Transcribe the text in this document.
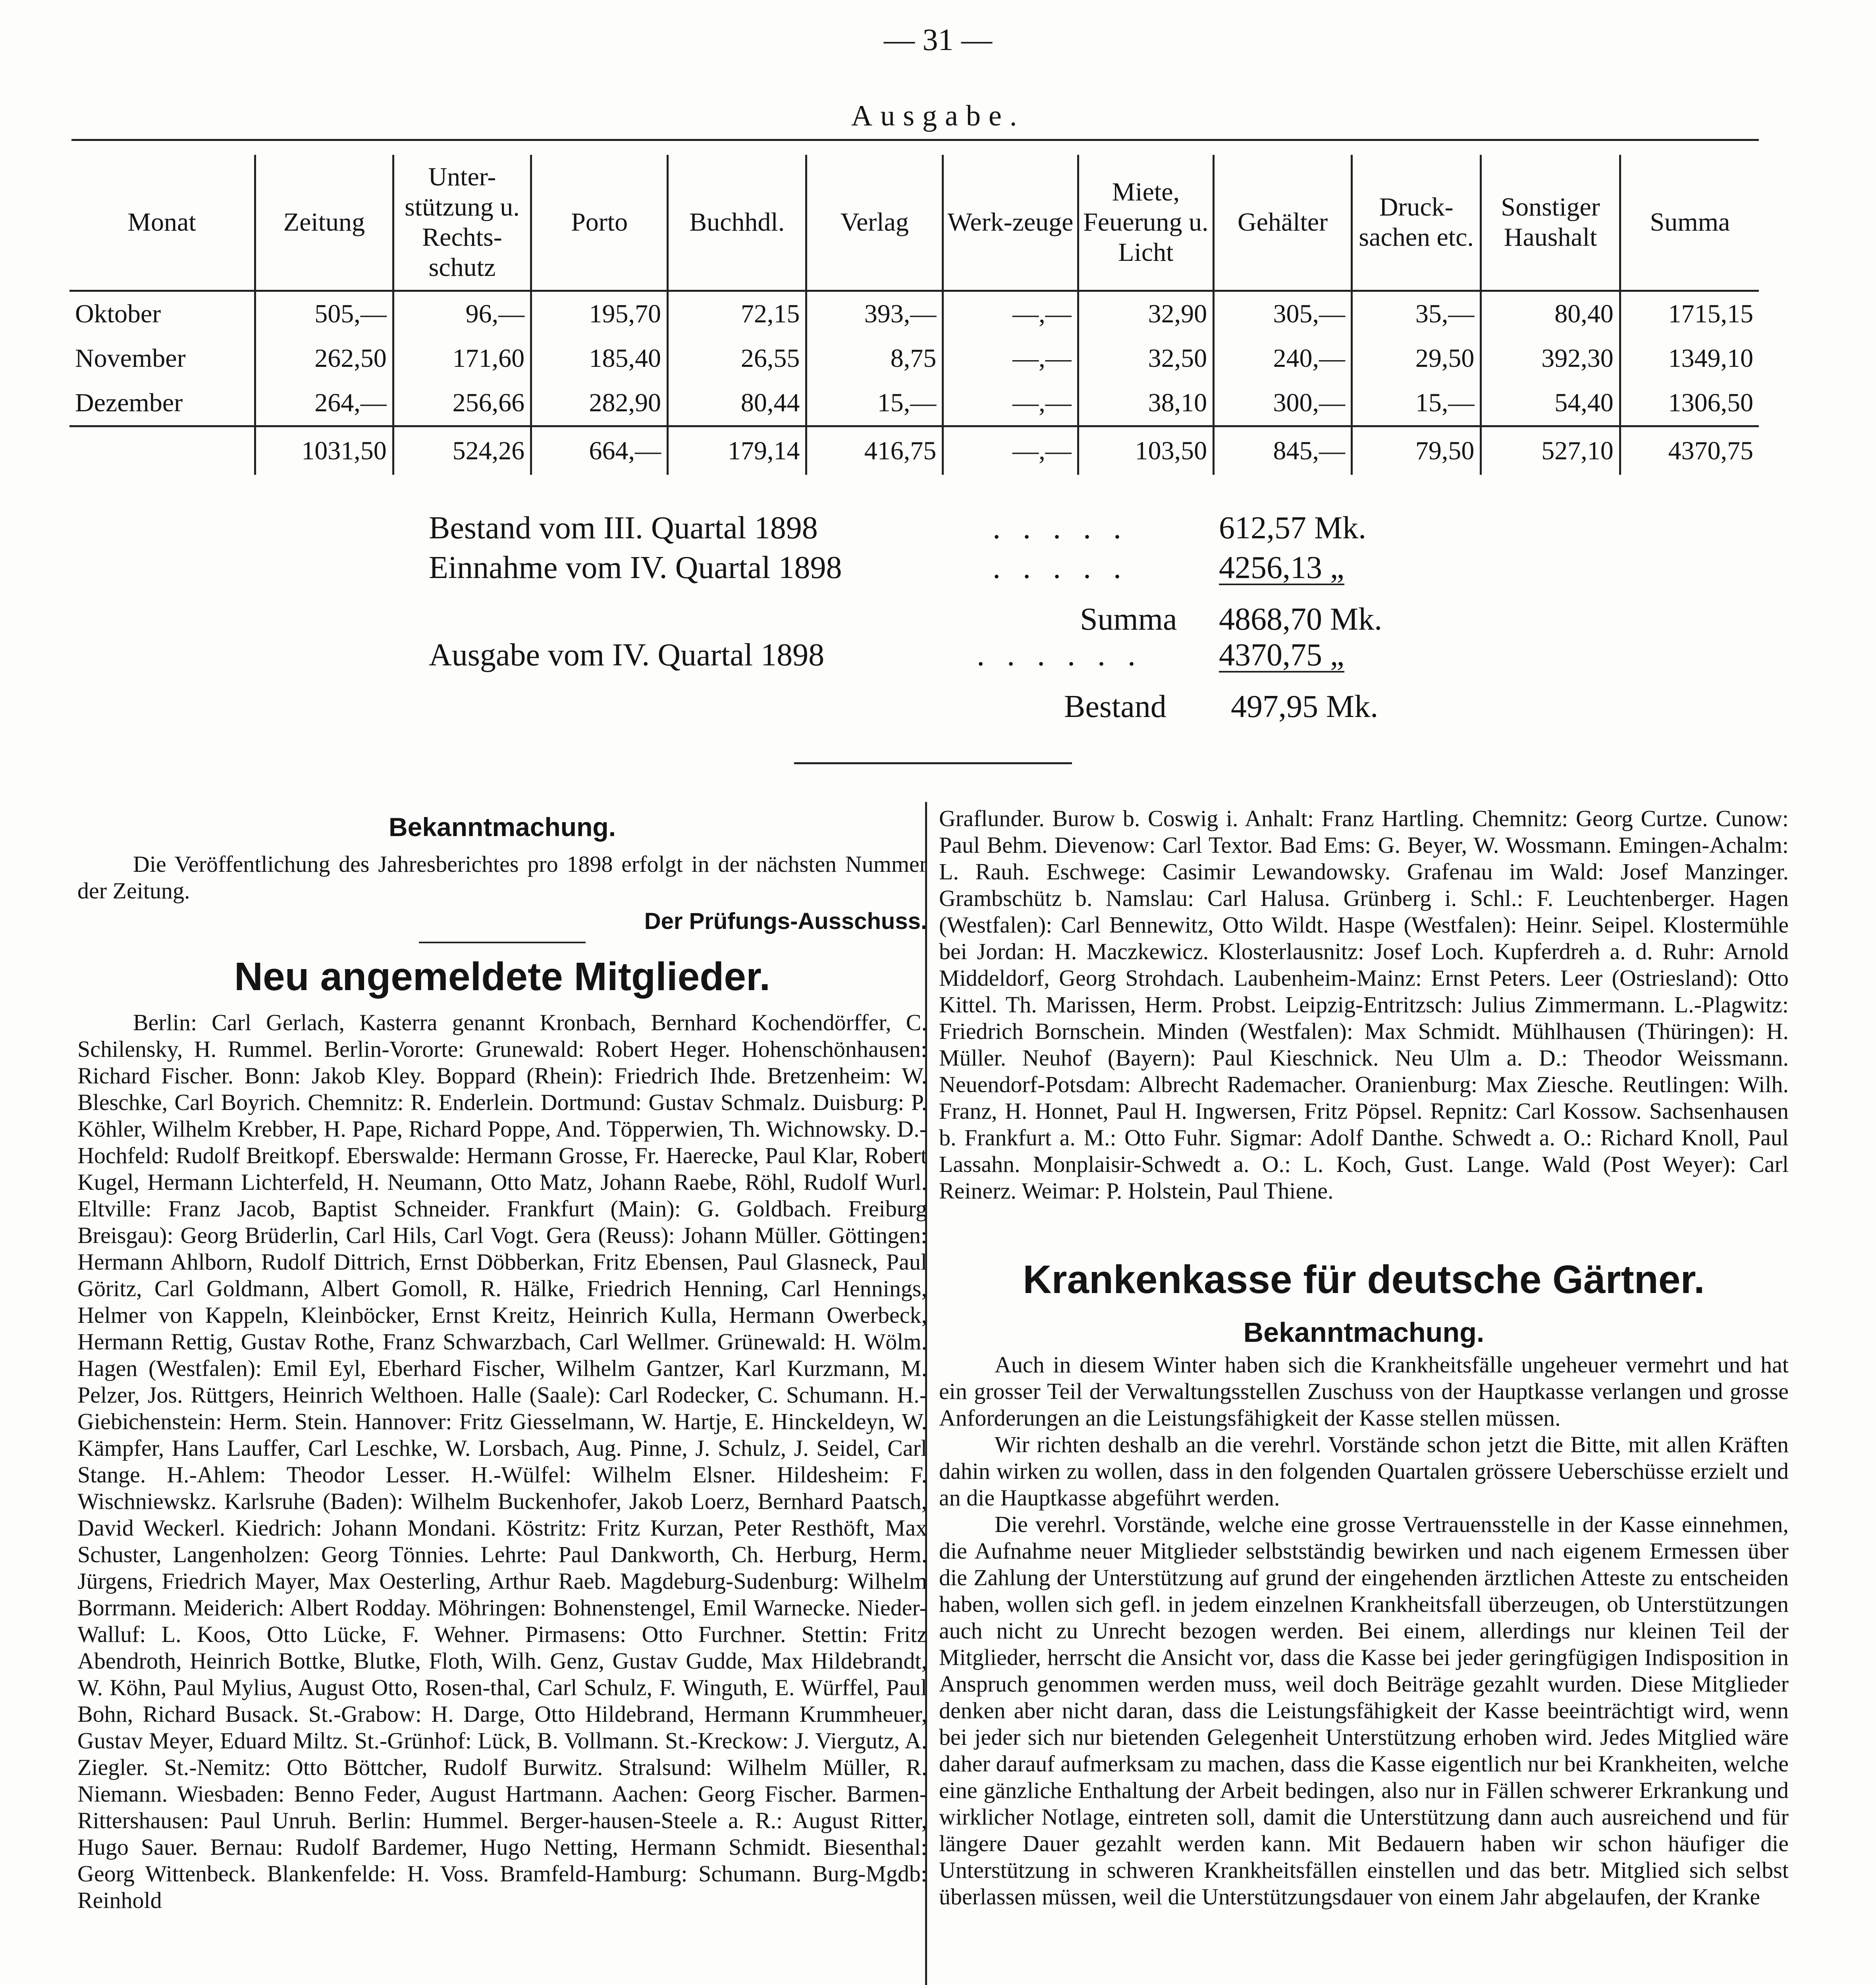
— 31 —
Ausgabe.
Monat	Zeitung	Unter-stützung u. Rechts-schutz	Porto	Buchhdl.	Verlag	Werk-zeuge	Miete, Feuerung u. Licht	Gehälter	Druck-sachen etc.	Sonstiger Haushalt	Summa
Oktober	505,—	96,—	195,70	72,15	393,—	—,—	32,90	305,—	35,—	80,40	1715,15
November	262,50	171,60	185,40	26,55	8,75	—,—	32,50	240,—	29,50	392,30	1349,10
Dezember	264,—	256,66	282,90	80,44	15,—	—,—	38,10	300,—	15,—	54,40	1306,50
	1031,50	524,26	664,—	179,14	416,75	—,—	103,50	845,—	79,50	527,10	4370,75
Bestand vom III. Quartal 1898	. . . . .	612,57 Mk.
Einnahme vom IV. Quartal 1898	. . . . .	4256,13 „
Summa 4868,70 Mk.
Ausgabe vom IV. Quartal 1898	. . . . . . 4370,75 „
Bestand 497,95 Mk.

Bekanntmachung.

Die Veröffentlichung des Jahresberichtes pro 1898 erfolgt in der nächsten Nummer der Zeitung.

Der Prüfungs-Ausschuss.

Neu angemeldete Mitglieder.

Berlin: Carl Gerlach, Kasterra genannt Kronbach, Bernhard Kochendörffer, C. Schilensky, H. Rummel. Berlin-Vororte: Grunewald: Robert Heger. Hohenschönhausen: Richard Fischer. Bonn: Jakob Kley. Boppard (Rhein): Friedrich Ihde. Bretzenheim: W. Bleschke, Carl Boyrich. Chemnitz: R. Enderlein. Dortmund: Gustav Schmalz. Duisburg: P. Köhler, Wilhelm Krebber, H. Pape, Richard Poppe, And. Töpperwien, Th. Wichnowsky. D.-Hochfeld: Rudolf Breitkopf. Eberswalde: Hermann Grosse, Fr. Haerecke, Paul Klar, Robert Kugel, Hermann Lichterfeld, H. Neumann, Otto Matz, Johann Raebe, Röhl, Rudolf Wurl. Eltville: Franz Jacob, Baptist Schneider. Frankfurt (Main): G. Goldbach. Freiburg Breisgau): Georg Brüderlin, Carl Hils, Carl Vogt. Gera (Reuss): Johann Müller. Göttingen: Hermann Ahlborn, Rudolf Dittrich, Ernst Döbberkan, Fritz Ebensen, Paul Glasneck, Paul Göritz, Carl Goldmann, Albert Gomoll, R. Hälke, Friedrich Henning, Carl Hennings, Helmer von Kappeln, Kleinböcker, Ernst Kreitz, Heinrich Kulla, Hermann Owerbeck, Hermann Rettig, Gustav Rothe, Franz Schwarzbach, Carl Wellmer. Grünewald: H. Wölm. Hagen (Westfalen): Emil Eyl, Eberhard Fischer, Wilhelm Gantzer, Karl Kurzmann, M. Pelzer, Jos. Rüttgers, Heinrich Welthoen. Halle (Saale): Carl Rodecker, C. Schumann. H.-Giebichenstein: Herm. Stein. Hannover: Fritz Giesselmann, W. Hartje, E. Hinckeldeyn, W. Kämpfer, Hans Lauffer, Carl Leschke, W. Lorsbach, Aug. Pinne, J. Schulz, J. Seidel, Carl Stange. H.-Ahlem: Theodor Lesser. H.-Wülfel: Wilhelm Elsner. Hildesheim: F. Wischniewskz. Karlsruhe (Baden): Wilhelm Buckenhofer, Jakob Loerz, Bernhard Paatsch, David Weckerl. Kiedrich: Johann Mondani. Köstritz: Fritz Kurzan, Peter Resthöft, Max Schuster, Langenholzen: Georg Tönnies. Lehrte: Paul Dankworth, Ch. Herburg, Herm. Jürgens, Friedrich Mayer, Max Oesterling, Arthur Raeb. Magdeburg-Sudenburg: Wilhelm Borrmann. Meiderich: Albert Rodday. Möhringen: Bohnenstengel, Emil Warnecke. Nieder-Walluf: L. Koos, Otto Lücke, F. Wehner. Pirmasens: Otto Furchner. Stettin: Fritz Abendroth, Heinrich Bottke, Blutke, Floth, Wilh. Genz, Gustav Gudde, Max Hildebrandt, W. Köhn, Paul Mylius, August Otto, Rosen-thal, Carl Schulz, F. Winguth, E. Würffel, Paul Bohn, Richard Busack. St.-Grabow: H. Darge, Otto Hildebrand, Hermann Krummheuer, Gustav Meyer, Eduard Miltz. St.-Grünhof: Lück, B. Vollmann. St.-Kreckow: J. Viergutz, A. Ziegler. St.-Nemitz: Otto Böttcher, Rudolf Burwitz. Stralsund: Wilhelm Müller, R. Niemann. Wiesbaden: Benno Feder, August Hartmann. Aachen: Georg Fischer. Barmen-Rittershausen: Paul Unruh. Berlin: Hummel. Berger-hausen-Steele a. R.: August Ritter, Hugo Sauer. Bernau: Rudolf Bardemer, Hugo Netting, Hermann Schmidt. Biesenthal: Georg Wittenbeck. Blankenfelde: H. Voss. Bramfeld-Hamburg: Schumann. Burg-Mgdb: Reinhold

Graflunder. Burow b. Coswig i. Anhalt: Franz Hartling. Chemnitz: Georg Curtze. Cunow: Paul Behm. Dievenow: Carl Textor. Bad Ems: G. Beyer, W. Wossmann. Emingen-Achalm: L. Rauh. Eschwege: Casimir Lewandowsky. Grafenau im Wald: Josef Manzinger. Grambschütz b. Namslau: Carl Halusa. Grünberg i. Schl.: F. Leuchtenberger. Hagen (Westfalen): Carl Bennewitz, Otto Wildt. Haspe (Westfalen): Heinr. Seipel. Klostermühle bei Jordan: H. Maczkewicz. Klosterlausnitz: Josef Loch. Kupferdreh a. d. Ruhr: Arnold Middeldorf, Georg Strohdach. Laubenheim-Mainz: Ernst Peters. Leer (Ostriesland): Otto Kittel. Th. Marissen, Herm. Probst. Leipzig-Entritzsch: Julius Zimmermann. L.-Plagwitz: Friedrich Bornschein. Minden (Westfalen): Max Schmidt. Mühlhausen (Thüringen): H. Müller. Neuhof (Bayern): Paul Kieschnick. Neu Ulm a. D.: Theodor Weissmann. Neuendorf-Potsdam: Albrecht Rademacher. Oranienburg: Max Ziesche. Reutlingen: Wilh. Franz, H. Honnet, Paul H. Ingwersen, Fritz Pöpsel. Repnitz: Carl Kossow. Sachsenhausen b. Frankfurt a. M.: Otto Fuhr. Sigmar: Adolf Danthe. Schwedt a. O.: Richard Knoll, Paul Lassahn. Monplaisir-Schwedt a. O.: L. Koch, Gust. Lange. Wald (Post Weyer): Carl Reinerz. Weimar: P. Holstein, Paul Thiene.

Krankenkasse für deutsche Gärtner.

Bekanntmachung.

Auch in diesem Winter haben sich die Krankheitsfälle ungeheuer vermehrt und hat ein grosser Teil der Verwaltungsstellen Zuschuss von der Hauptkasse verlangen und grosse Anforderungen an die Leistungsfähigkeit der Kasse stellen müssen.

Wir richten deshalb an die verehrl. Vorstände schon jetzt die Bitte, mit allen Kräften dahin wirken zu wollen, dass in den folgenden Quartalen grössere Ueberschüsse erzielt und an die Hauptkasse abgeführt werden.

Die verehrl. Vorstände, welche eine grosse Vertrauensstelle in der Kasse einnehmen, die Aufnahme neuer Mitglieder selbstständig bewirken und nach eigenem Ermessen über die Zahlung der Unterstützung auf grund der eingehenden ärztlichen Atteste zu entscheiden haben, wollen sich gefl. in jedem einzelnen Krankheitsfall überzeugen, ob Unterstützungen auch nicht zu Unrecht bezogen werden. Bei einem, allerdings nur kleinen Teil der Mitglieder, herrscht die Ansicht vor, dass die Kasse bei jeder geringfügigen Indisposition in Anspruch genommen werden muss, weil doch Beiträge gezahlt wurden. Diese Mitglieder denken aber nicht daran, dass die Leistungsfähigkeit der Kasse beeinträchtigt wird, wenn bei jeder sich nur bietenden Gelegenheit Unterstützung erhoben wird. Jedes Mitglied wäre daher darauf aufmerksam zu machen, dass die Kasse eigentlich nur bei Krankheiten, welche eine gänzliche Enthaltung der Arbeit bedingen, also nur in Fällen schwerer Erkrankung und wirklicher Notlage, eintreten soll, damit die Unterstützung dann auch ausreichend und für längere Dauer gezahlt werden kann. Mit Bedauern haben wir schon häufiger die Unterstützung in schweren Krankheitsfällen einstellen und das betr. Mitglied sich selbst überlassen müssen, weil die Unterstützungsdauer von einem Jahr abgelaufen, der Kranke
